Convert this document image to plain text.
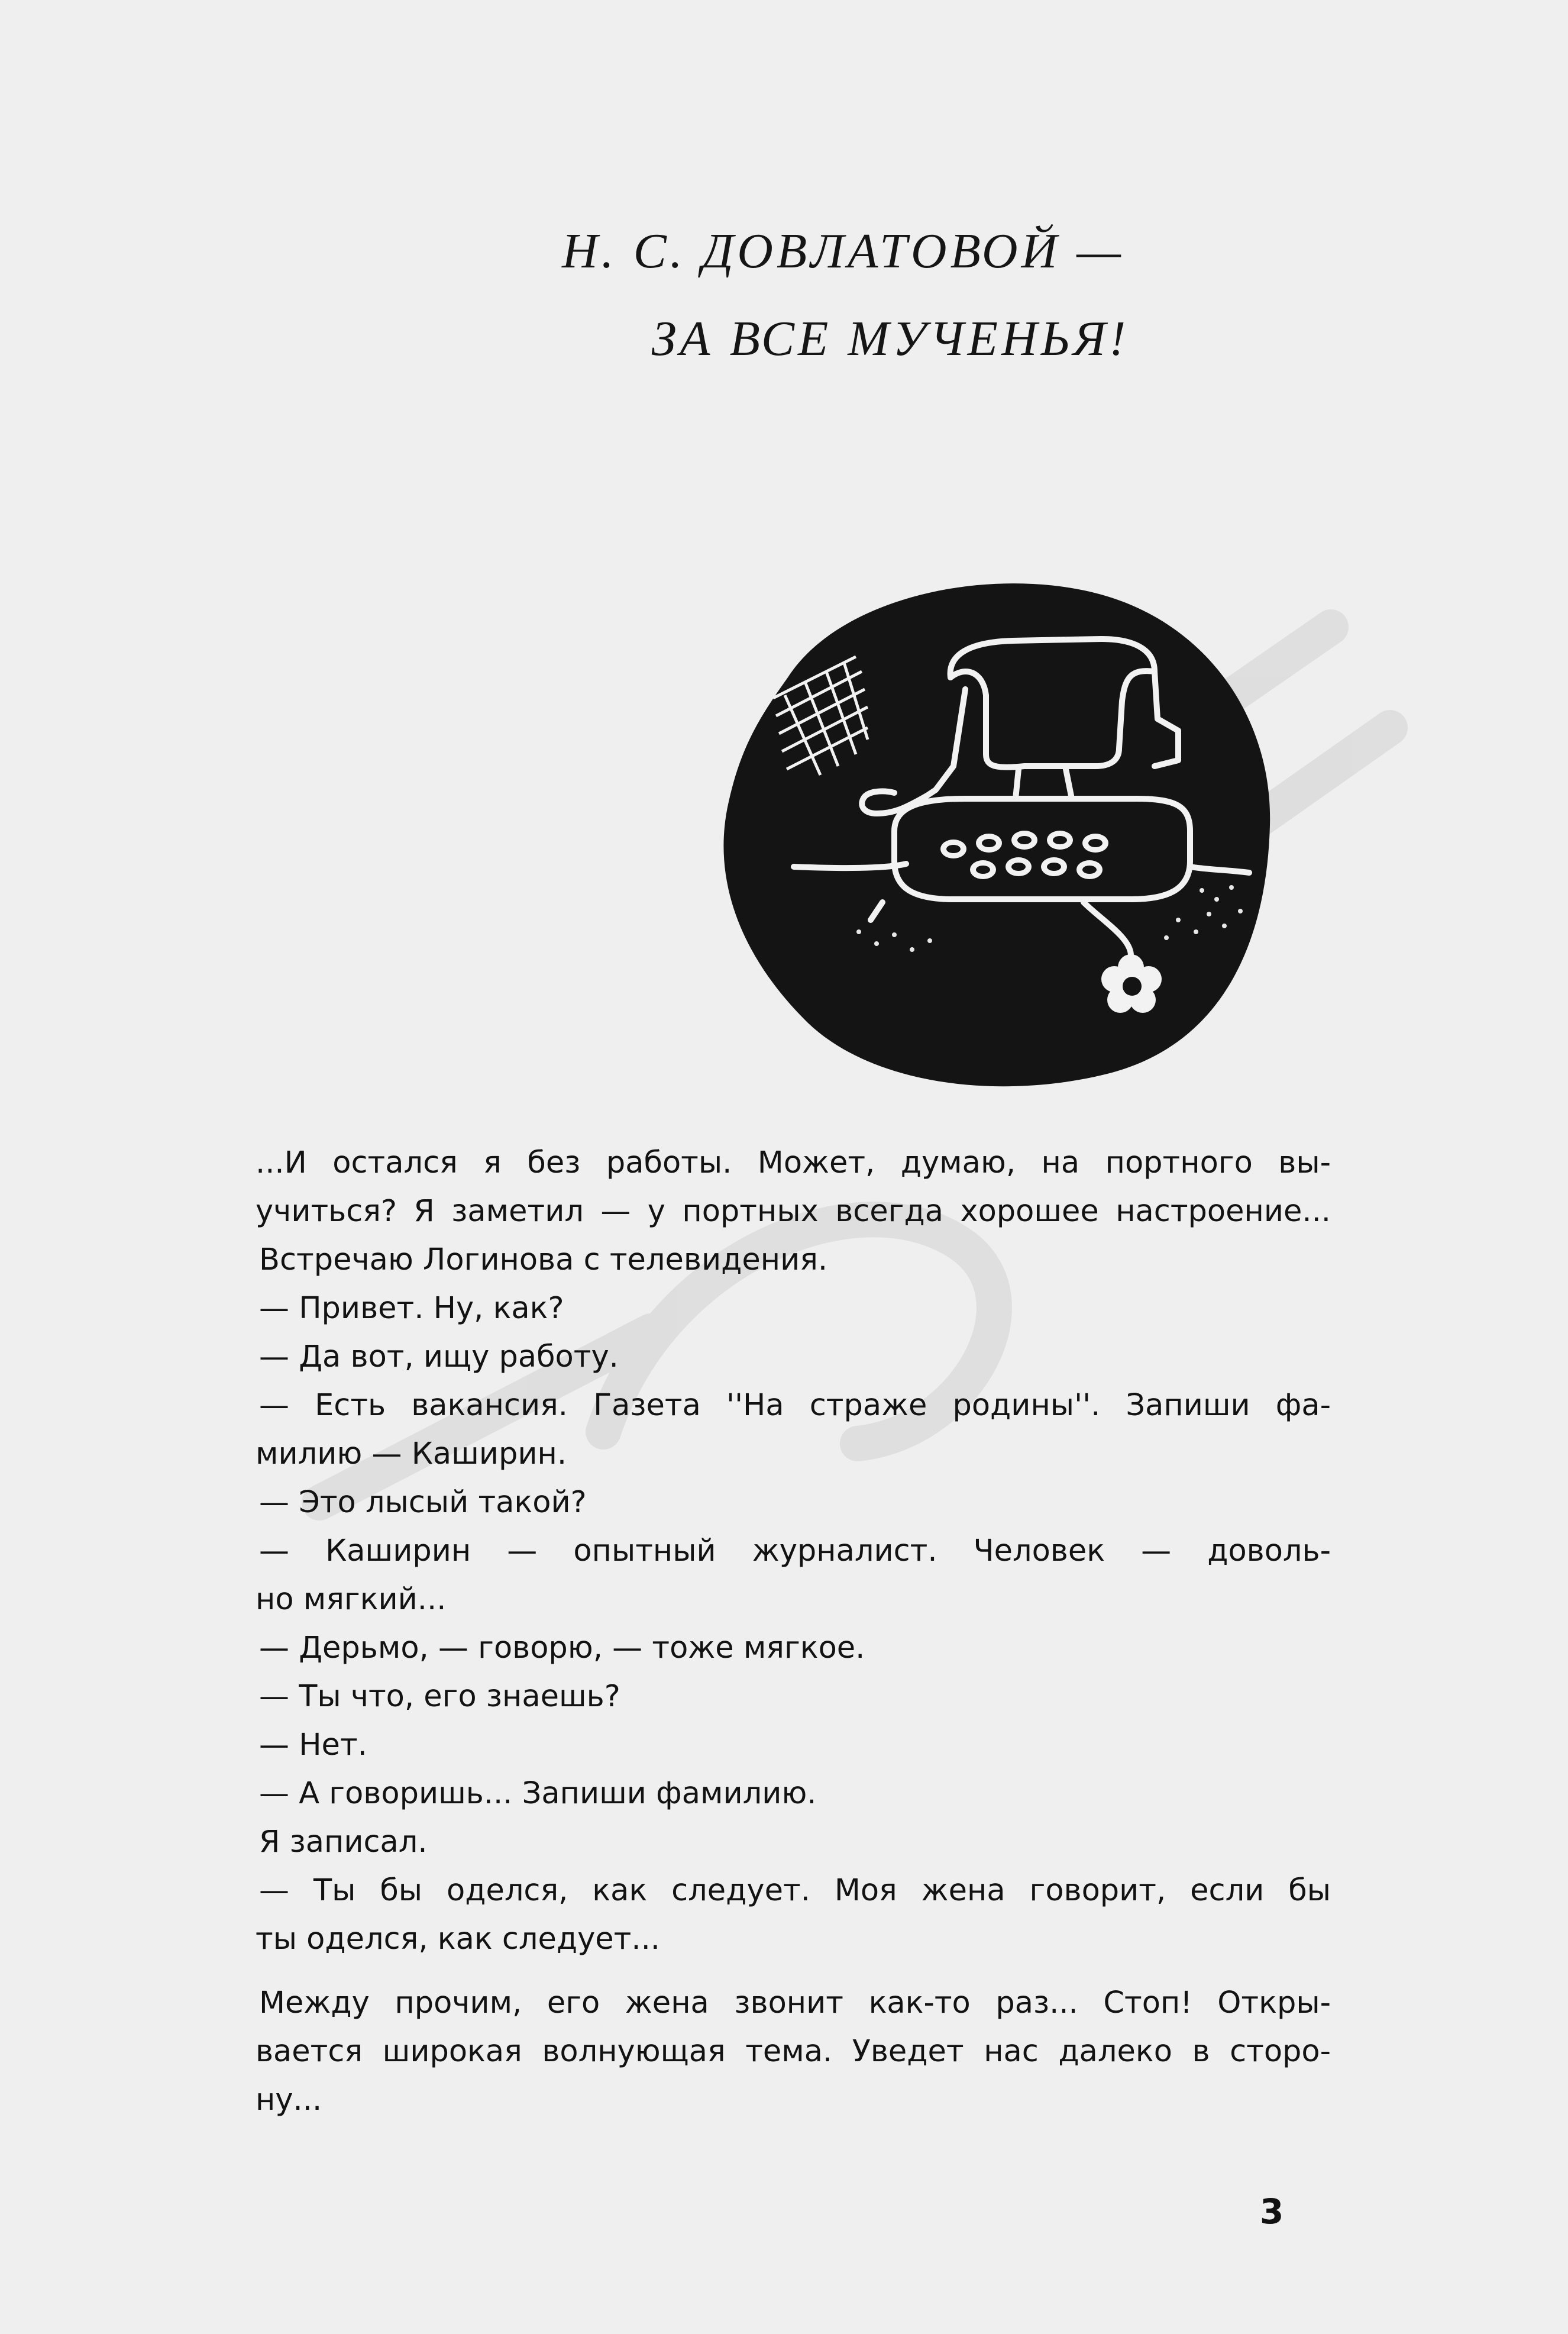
Н. С. ДОВЛАТОВОЙ —
ЗА ВСЕ МУЧЕНЬЯ!
...И остался я без работы. Может, думаю, на портного вы-
учиться? Я заметил — у портных всегда хорошее настроение...
Встречаю Логинова с телевидения.
— Привет. Ну, как?
— Да вот, ищу работу.
— Есть вакансия. Газета ''На страже родины''. Запиши фа-
милию — Каширин.
— Это лысый такой?
— Каширин — опытный журналист. Человек — доволь-
но мягкий...
— Дерьмо, — говорю, — тоже мягкое.
— Ты что, его знаешь?
— Нет.
— А говоришь... Запиши фамилию.
Я записал.
— Ты бы оделся, как следует. Моя жена говорит, если бы
ты оделся, как следует...
Между прочим, его жена звонит как-то раз... Стоп! Откры-
вается широкая волнующая тема. Уведет нас далеко в сторо-
ну...
3
